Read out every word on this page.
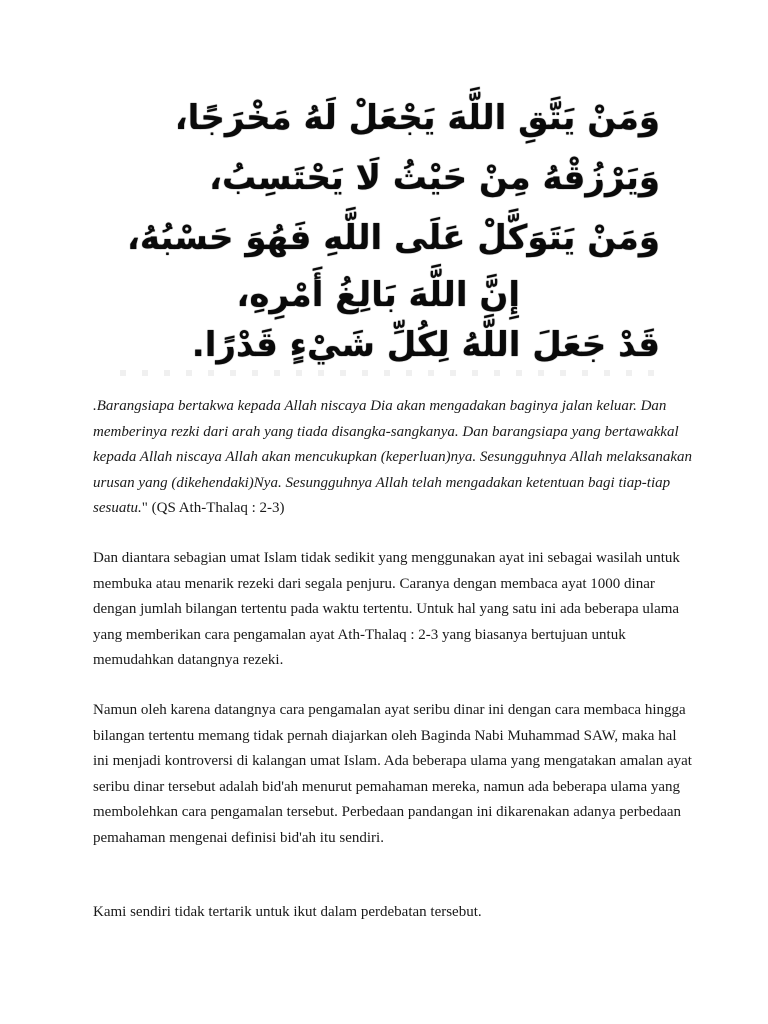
وَمَنْ يَتَّقِ اللَّهَ يَجْعَلْ لَهُ مَخْرَجًا،
وَيَرْزُقْهُ مِنْ حَيْثُ لَا يَحْتَسِبُ،
وَمَنْ يَتَوَكَّلْ عَلَى اللَّهِ فَهُوَ حَسْبُهُ،
إِنَّ اللَّهَ بَالِغُ أَمْرِهِ،
قَدْ جَعَلَ اللَّهُ لِكُلِّ شَيْءٍ قَدْرًا.

.Barangsiapa bertakwa kepada Allah niscaya Dia akan mengadakan baginya jalan keluar. Dan memberinya rezki dari arah yang tiada disangka-sangkanya. Dan barangsiapa yang bertawakkal kepada Allah niscaya Allah akan mencukupkan (keperluan)nya. Sesungguhnya Allah melaksanakan urusan yang (dikehendaki)Nya. Sesungguhnya Allah telah mengadakan ketentuan bagi tiap-tiap sesuatu." (QS Ath-Thalaq : 2-3)

Dan diantara sebagian umat Islam tidak sedikit yang menggunakan ayat ini sebagai wasilah untuk membuka atau menarik rezeki dari segala penjuru. Caranya dengan membaca ayat 1000 dinar dengan jumlah bilangan tertentu pada waktu tertentu. Untuk hal yang satu ini ada beberapa ulama yang memberikan cara pengamalan ayat Ath-Thalaq : 2-3 yang biasanya bertujuan untuk memudahkan datangnya rezeki.

Namun oleh karena datangnya cara pengamalan ayat seribu dinar ini dengan cara membaca hingga bilangan tertentu memang tidak pernah diajarkan oleh Baginda Nabi Muhammad SAW, maka hal ini menjadi kontroversi di kalangan umat Islam. Ada beberapa ulama yang mengatakan amalan ayat seribu dinar tersebut adalah bid'ah menurut pemahaman mereka, namun ada beberapa ulama yang membolehkan cara pengamalan tersebut. Perbedaan pandangan ini dikarenakan adanya perbedaan pemahaman mengenai definisi bid'ah itu sendiri.

Kami sendiri tidak tertarik untuk ikut dalam perdebatan tersebut.
